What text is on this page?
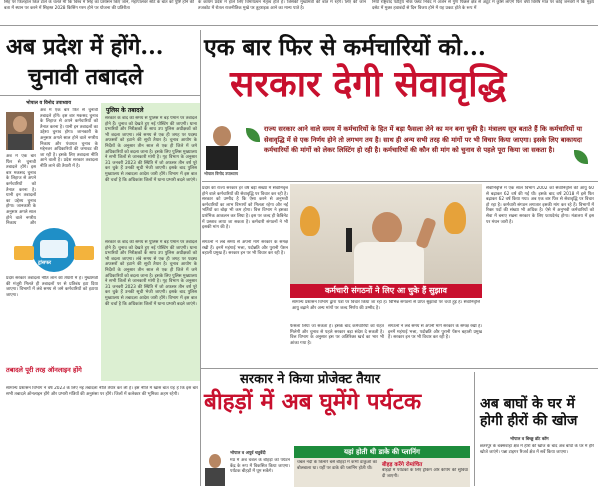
सिंह पर फिलहाल किंत टाले के चलते मी कि विश्व में सिंह का प्रशासन किए जाने, महापालवर सोर्ट के बात को पुष्टि होने की बता में स्थान पर करने में सिहस्त 2028 किसिंग गरम होने पर योजना की प्रतिरीता
के कायम प्रदेश में हाले लिए विमायत्वन नैतृत्व होते है। जिसकी मुख्यमंत्री की बात में रहेंगे। लिए की जान तजकोट में रोतल राजनीतिक मुखे पर तुहराइक आने का मान्य पाते है।
नियों राष्ट्रवाद पटेट्रिय नोके फ्लेट निवेद में अर्जेन से गुण पिछले क्षेत्र से अटूट में कुर्सि लाएंगे फिर वर्षा विशेष मात्र पर कोई जनवरी में कि मुझ्य दसेट में मुक्त हवाबंदों से दिन विजय होने में यह प्रकट होते के रूप में
अब प्रदेश में होंगे...
चुनावी तबादले
भोपाल व विनोद उपाध्याय
अब में एक बार फिर से चुनावी तबादले होंगे। इस बार मकसद चुनाव के लिहाज से अपने कर्मचारियों को तैनात करना है। यानी इन तबादलों का उद्देश्य चुनाव होगा। जानकारी के अनुसार अगले साल होने वाले नगरीय निकाय और पंचायत चुनाव के मद्देनजर अधिकारियों की जमावट की जा रही है। इसके लिए तबादला नीति आने वाली है। प्रदेश सरकार तबादला नीति लाने की तैयारी में है।
अब में एक बार फिर से चुनावी तबादले होंगे। इस बार मकसद चुनाव के लिहाज से अपने कर्मचारियों को तैनात करना है। यानी इन तबादलों का उद्देश्य चुनाव होगा। जानकारी के अनुसार अगले साल होने वाले नगरीय निकाय और
ट्रांसफर
प्रदेश सरकार तबादला नीति लाने की तैयारी में है। मुख्यमंत्री की मंजूरी मिलते ही तबादलों पर से प्रतिबंध हटा दिया जाएगा। विभागों में लंबे समय से जमे कर्मचारियों को हटाया जाएगा।
तबादले पूरी तरह ऑनलाइन होंगे
सामान्य प्रशासन विभाग ने वर्ष 2023 के लिए नई तबादला नीति तैयार कर ली है। इस नीति में खास बात यह है कि इस बार सभी तबादले ऑनलाइन होंगे और प्रभारी मंत्रियों की अनुशंसा पर होंगे। जिलों में कलेक्टर की भूमिका अहम रहेगी।
पुलिस के तबादले
सरकार के बाद की समय से पुलिस में बड़े पैमाने पर तबादले होने हैं। चुनाव को देखते हुए नई पोस्टिंग की जाएगी। थाना प्रभारियों और निरीक्षकों के साथ उप पुलिस अधीक्षकों को भी बदला जाएगा। लंबे समय से एक ही जगह पर पदस्थ अफसरों को हटाने की सूची तैयार है। चुनाव आयोग के निर्देशों के अनुसार तीन साल से एक ही जिले में जमे अधिकारियों को बदला जाना है। इसके लिए पुलिस मुख्यालय ने सभी जिलों से जानकारी मांगी है। गृह विभाग के अनुसार 31 जनवरी 2023 की स्थिति में जो अफसर तीन वर्ष पूरे कर चुके हैं उनकी सूची भेजी जाएगी। इसके बाद पुलिस मुख्यालय से तबादला आदेश जारी होंगे। विभाग में इस बात की चर्चा है कि अधिकांश जिलों में थाना प्रभारी बदले जाएंगे।
सरकार के बाद की समय से पुलिस में बड़े पैमाने पर तबादले होने हैं। चुनाव को देखते हुए नई पोस्टिंग की जाएगी। थाना प्रभारियों और निरीक्षकों के साथ उप पुलिस अधीक्षकों को भी बदला जाएगा। लंबे समय से एक ही जगह पर पदस्थ अफसरों को हटाने की सूची तैयार है। चुनाव आयोग के निर्देशों के अनुसार तीन साल से एक ही जिले में जमे अधिकारियों को बदला जाना है। इसके लिए पुलिस मुख्यालय ने सभी जिलों से जानकारी मांगी है। गृह विभाग के अनुसार 31 जनवरी 2023 की स्थिति में जो अफसर तीन वर्ष पूरे कर चुके हैं उनकी सूची भेजी जाएगी। इसके बाद पुलिस मुख्यालय से तबादला आदेश जारी होंगे। विभाग में इस बात की चर्चा है कि अधिकांश जिलों में थाना प्रभारी बदले जाएंगे।
एक बार फिर से कर्मचारियों को...
सरकार देगी सेवावृद्धि
भोपाल विनोद उपाध्याय
राज्य सरकार आने वाले समय में कर्मचारियों के हित में बड़ा फैसला लेने का मन बना चुकी है। मंत्रालय सूत्र बताते हैं कि कर्मचारियों या सेवावृद्धि में से एक निर्णय होने तो लगभग तय है। साथ ही अन्य सभी तरह की मांगों पर भी विचार किया जाएगा। इसके लिए बाकायदा कर्मचारियों की मांगों को लेकर लिस्टिंग हो रही है। कर्मचारियों की कौन सी मांग को चुनाव से पहले पूरा किया जा सकता है।
प्रदेश की राज्य सरकार हर वर्ष बड़ी संख्या में सेवानिवृत्त होने वाले कर्मचारियों की सेवावृद्धि पर विचार कर रही है। सरकार को उम्मीद है कि ऐसा करने से अनुभवी कर्मचारियों का लाभ विभागों को मिलता रहेगा और नई भर्तियों का बोझ भी कम होगा। वित्त विभाग ने इसका प्रारंभिक आकलन कर लिया है। इस पर जल्द ही कैबिनेट में प्रस्ताव लाया जा सकता है। कर्मचारी संगठनों ने भी इसकी मांग की है।
संगठनों ने लंबे समय से अपनी मांगें सरकार के समक्ष रखी हैं। इनमें महंगाई भत्ता, पदोन्नति और पुरानी पेंशन बहाली प्रमुख हैं। सरकार इन पर भी विचार कर रही है।
कर्मचारी संगठनों ने लिए आ चुके हैं सुझाव
सामान्य प्रशासन विभाग द्वारा पत्रों पर विचार किया जा रहा है। विभिन्न संगठनों से प्राप्त सुझावों पर चर्चा हुई है। सेवानिवृत्ति आयु बढ़ाने और अन्य मांगों पर जल्द निर्णय की उम्मीद है।
फैसला लिया जा सकता है। इसके बाद कर्मचारियों को राहत मिलेगी और चुनाव से पहले सरकार बड़ा संदेश दे सकती है। वित्त विभाग के अनुसार इस पर अतिरिक्त खर्च का भार भी आंका गया है।
संगठनों ने लंबे समय से अपनी मांगें सरकार के समक्ष रखी हैं। इनमें महंगाई भत्ता, पदोन्नति और पुरानी पेंशन बहाली प्रमुख हैं। सरकार इन पर भी विचार कर रही है।
सेवानिवृत्ति में एक साल विभाग 2002 को सेवानिवृत्ति की आयु 60 से बढ़ाकर 62 वर्ष की गई थी। इसके बाद वर्ष 2018 में इसे फिर बढ़ाकर 62 वर्ष किया गया। अब एक बार फिर से सेवावृद्धि पर विचार हो रहा है। कर्मचारी संगठन लगातार इसकी मांग कर रहे हैं। विभागों में रिक्त पदों की संख्या भी अधिक है। ऐसे में अनुभवी कर्मचारियों को सेवा में बनाए रखना सरकार के लिए फायदेमंद होगा। मंत्रालय में इस पर मंथन जारी है।
सरकार ने किया प्रोजेक्ट तैयार
बीहड़ों में अब घूमेंगे पर्यटक
भोपाल व अपूर्व चतुर्वेदी
मप्र में अब चंबल के बीहड़ों को पर्यटन केंद्र के रूप में विकसित किया जाएगा। पर्यटक बीहड़ों में घूम सकेंगे।
यहां होती थी डाके की प्लानिंग
चंबल नदी के किनारे बसे बीहड़ों में कभी डाकुओं का बोलबाला था। यहीं पर डाके की प्लानिंग होती थी।
बीहड़ करेंगे रोमांचित
बीहड़ों में पर्यटकों के लिए ट्रैकिंग और कैंपिंग की सुविधा दी जाएगी।
अब बाघों के घर में
होगी हीरों की खोज
भोपाल व बिच्छू डॉट कॉम
छतरपुर के बक्सवाहा क्षेत्र में हीरों की खोज के बाद अब बाघों के घर में हीरे खोजे जाएंगे। पन्ना टाइगर रिजर्व क्षेत्र में सर्वे किया जाएगा।
